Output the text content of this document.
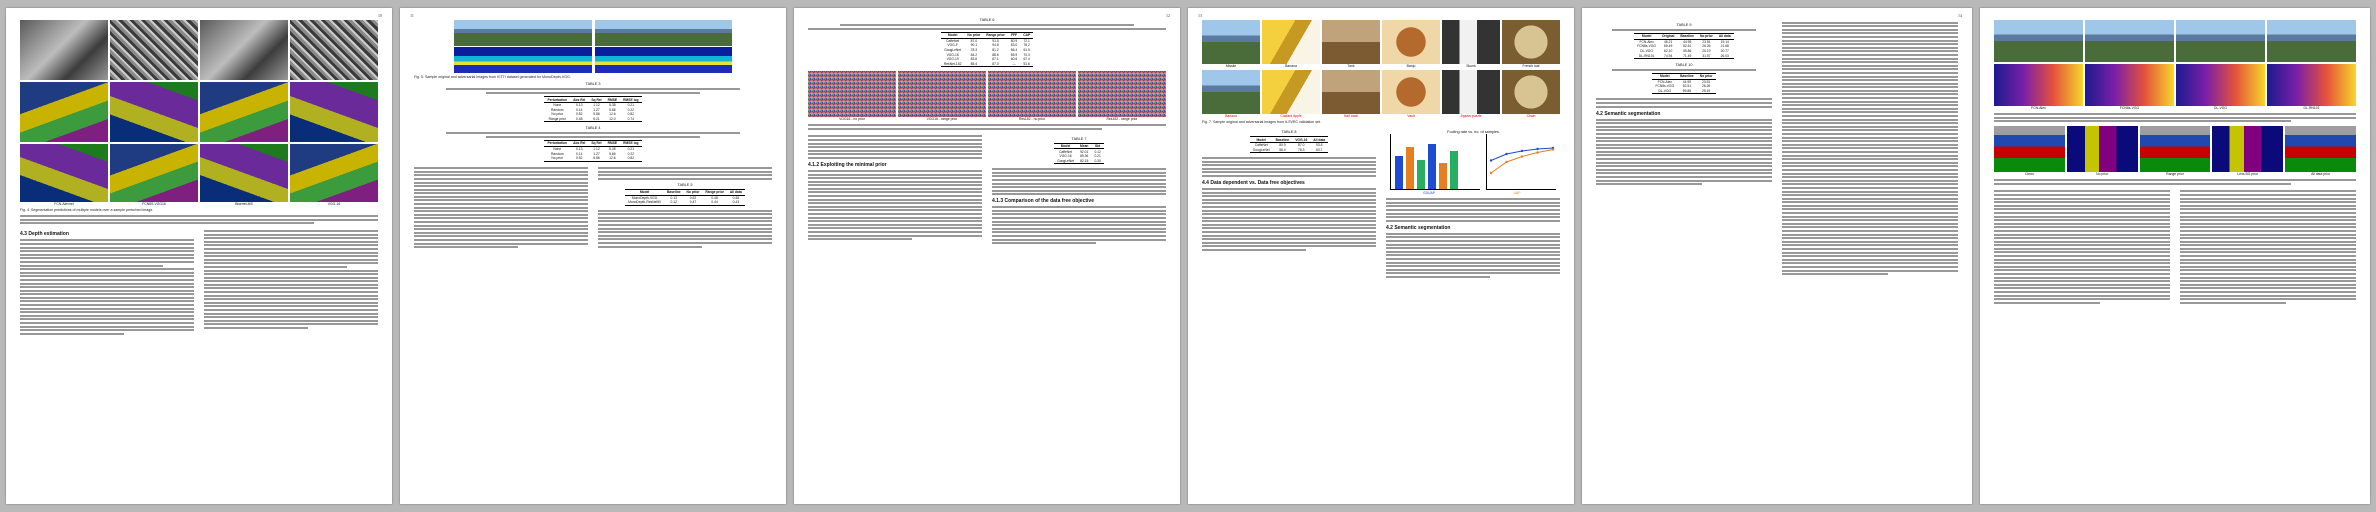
10
FCN-Alexnet	FCN8S-VGG16	Bisenet-MS	VGG-16
Fig. 4. Segmentation predictions of multiple models over a sample perturbed image.
4.3 Depth estimation
11
Fig. 5. Sample original and adversarial images from KITTI dataset generated for MonoDepth-VGG.
TABLE 3
Perturbation	Abs Rel	Sq Rel	RMSE	RMSE log
None	0.13	1.12	5.38	0.21
Random	0.14	1.27	5.66	0.22
No prior	0.52	5.86	12.6	0.82
Range prior	0.48	5.21	12.0	0.74
TABLE 4
Perturbation	Abs Rel	Sq Rel	RMSE	RMSE log
None	0.13	1.12	5.38	0.21
Random	0.14	1.27	5.66	0.22
No prior	0.52	5.86	12.6	0.82
TABLE 5
Model	Baseline	No prior	Range prior	All data
MonoDepth-VGG	0.13	0.52	0.48	0.46
MonoDepth-ResNet50	0.12	0.47	0.44	0.43
12
TABLE 6
Model	No prior	Range prior	FFF	CAP
CaffeNet	87.0	91.5	80.9	72.1
VGG-F	90.1	94.8	83.0	78.2
GoogLeNet	78.3	81.2	56.4	61.5
VGG-16	84.2	88.6	65.9	70.3
VGG-19	83.6	87.1	60.6	67.4
ResNet-152	85.4	87.0	—	51.6
VGG16 - no prior	VGG16 - range prior	Res152 - no prior	Res152 - range prior
4.1.2 Exploiting the minimal prior
TABLE 7
Model	Mean	Std
CaffeNet	92.01	0.12
VGG-16	89.36	0.21
GoogLeNet	82.15	0.30
4.1.3 Comparison of the data free objective
13
Missile	Banana	Tank	Banjo	Skunk	French loaf
Banana	Custard Apple	Half track	Vault	Jigsaw puzzle	Chain
Fig. 7. Sample original and adversarial images from ILSVRC validation set.
TABLE 8
Model	Baseline	VGG-16	All data
CaffeNet	80.9	87.0	93.5
GoogLeNet	56.4	78.3	83.7
4.4 Data dependent vs. Data free objectives
Fooling rate vs. no. of samples
GDUAP	UAP
4.2 Semantic segmentation
14
TABLE 9
Model	Original	Baseline	No prior	All data
FCN-Alex	46.21	44.95	23.51	19.14
FCN8s-VGG	65.49	62.51	26.26	21.68
DL-VGG	62.10	59.86	25.19	20.77
DL-RN101	74.94	71.49	31.57	26.03
TABLE 10
Model	Baseline	No prior
FCN-Alex	44.95	23.51
FCN8s-VGG	62.51	26.26
DL-VGG	59.86	25.19
4.2 Semantic segmentation
FCN-Alex	FCN8s-VGG	DL-VGG	DL-RN101
Clean	No prior	Range prior	Less BG prior	All data prior
